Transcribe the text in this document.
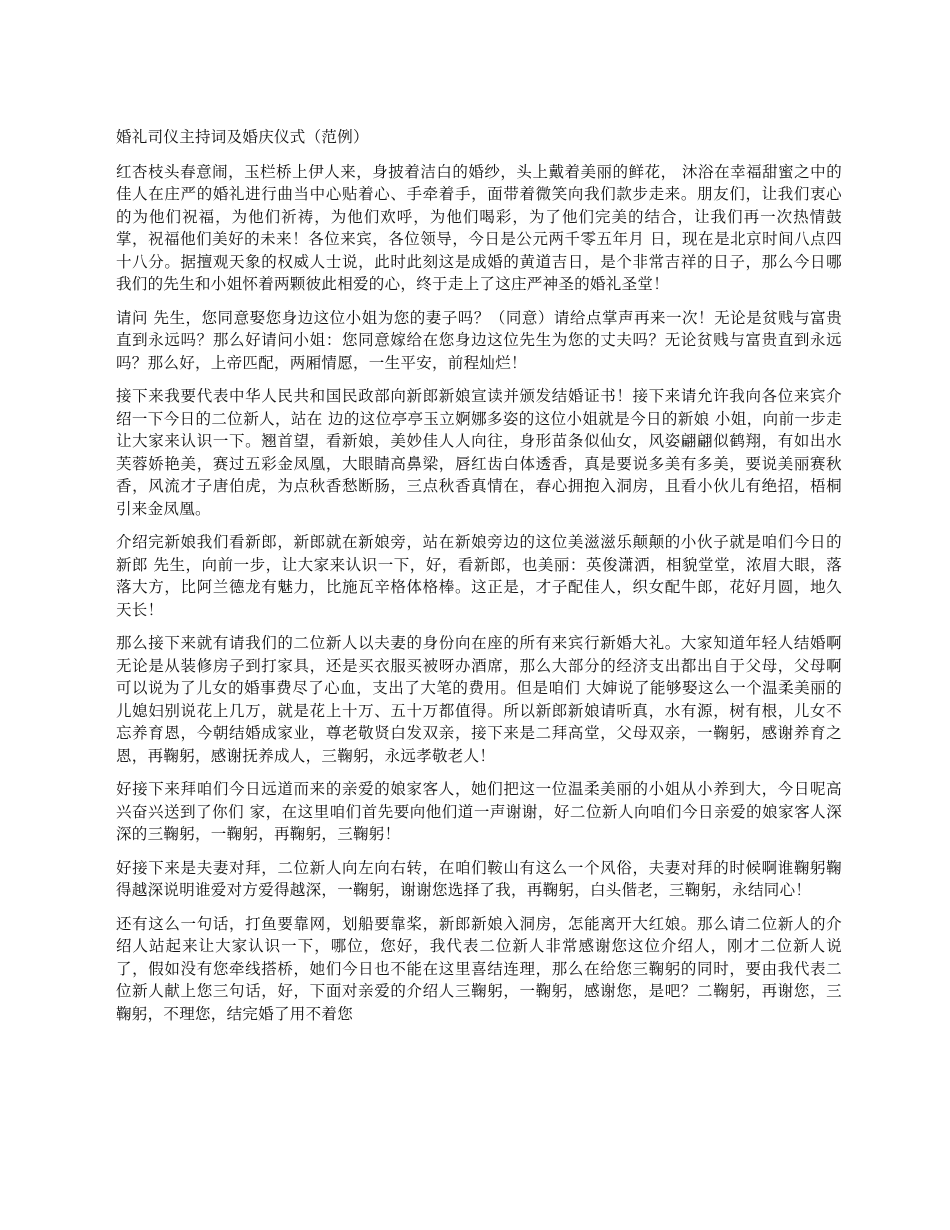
婚礼司仪主持词及婚庆仪式（范例）

红杏枝头春意闹，玉栏桥上伊人来，身披着洁白的婚纱，头上戴着美丽的鲜花， 沐浴在幸福甜蜜之中的佳人在庄严的婚礼进行曲当中心贴着心、手牵着手，面带着微笑向我们款步走来。朋友们，让我们衷心的为他们祝福，为他们祈祷，为他们欢呼，为他们喝彩，为了他们完美的结合，让我们再一次热情鼓掌，祝福他们美好的未来！各位来宾，各位领导，今日是公元两千零五年月 日，现在是北京时间八点四十八分。据擅观天象的权威人士说，此时此刻这是成婚的黄道吉日，是个非常吉祥的日子，那么今日哪我们的先生和小姐怀着两颗彼此相爱的心，终于走上了这庄严神圣的婚礼圣堂！

请问 先生，您同意娶您身边这位小姐为您的妻子吗？（同意）请给点掌声再来一次！无论是贫贱与富贵直到永远吗？那么好请问小姐：您同意嫁给在您身边这位先生为您的丈夫吗？无论贫贱与富贵直到永远吗？那么好，上帝匹配，两厢情愿，一生平安，前程灿烂！

接下来我要代表中华人民共和国民政部向新郎新娘宣读并颁发结婚证书！接下来请允许我向各位来宾介绍一下今日的二位新人，站在 边的这位亭亭玉立婀娜多姿的这位小姐就是今日的新娘 小姐，向前一步走让大家来认识一下。翘首望，看新娘，美妙佳人人向往，身形苗条似仙女，风姿翩翩似鹤翔，有如出水芙蓉娇艳美，赛过五彩金凤凰，大眼睛高鼻梁，唇红齿白体透香，真是要说多美有多美，要说美丽赛秋香，风流才子唐伯虎，为点秋香愁断肠，三点秋香真情在，春心拥抱入洞房，且看小伙儿有绝招，梧桐引来金凤凰。

介绍完新娘我们看新郎，新郎就在新娘旁，站在新娘旁边的这位美滋滋乐颠颠的小伙子就是咱们今日的新郎 先生，向前一步，让大家来认识一下，好，看新郎，也美丽：英俊潇洒，相貌堂堂，浓眉大眼，落落大方，比阿兰德龙有魅力，比施瓦辛格体格棒。这正是，才子配佳人，织女配牛郎，花好月圆，地久天长！

那么接下来就有请我们的二位新人以夫妻的身份向在座的所有来宾行新婚大礼。大家知道年轻人结婚啊无论是从装修房子到打家具，还是买衣服买被呀办酒席，那么大部分的经济支出都出自于父母，父母啊可以说为了儿女的婚事费尽了心血，支出了大笔的费用。但是咱们 大婶说了能够娶这么一个温柔美丽的儿媳妇别说花上几万，就是花上十万、五十万都值得。所以新郎新娘请听真，水有源，树有根，儿女不忘养育恩，今朝结婚成家业，尊老敬贤白发双亲，接下来是二拜高堂，父母双亲，一鞠躬，感谢养育之恩，再鞠躬，感谢抚养成人，三鞠躬，永远孝敬老人！

好接下来拜咱们今日远道而来的亲爱的娘家客人，她们把这一位温柔美丽的小姐从小养到大，今日呢高兴奋兴送到了你们 家，在这里咱们首先要向他们道一声谢谢，好二位新人向咱们今日亲爱的娘家客人深深的三鞠躬，一鞠躬，再鞠躬，三鞠躬！

好接下来是夫妻对拜，二位新人向左向右转，在咱们鞍山有这么一个风俗，夫妻对拜的时候啊谁鞠躬鞠得越深说明谁爱对方爱得越深，一鞠躬，谢谢您选择了我，再鞠躬，白头偕老，三鞠躬，永结同心！

还有这么一句话，打鱼要靠网，划船要靠桨，新郎新娘入洞房，怎能离开大红娘。那么请二位新人的介绍人站起来让大家认识一下，哪位，您好，我代表二位新人非常感谢您这位介绍人，刚才二位新人说了，假如没有您牵线搭桥，她们今日也不能在这里喜结连理，那么在给您三鞠躬的同时，要由我代表二位新人献上您三句话，好，下面对亲爱的介绍人三鞠躬，一鞠躬，感谢您，是吧？二鞠躬，再谢您，三鞠躬，不理您，结完婚了用不着您
